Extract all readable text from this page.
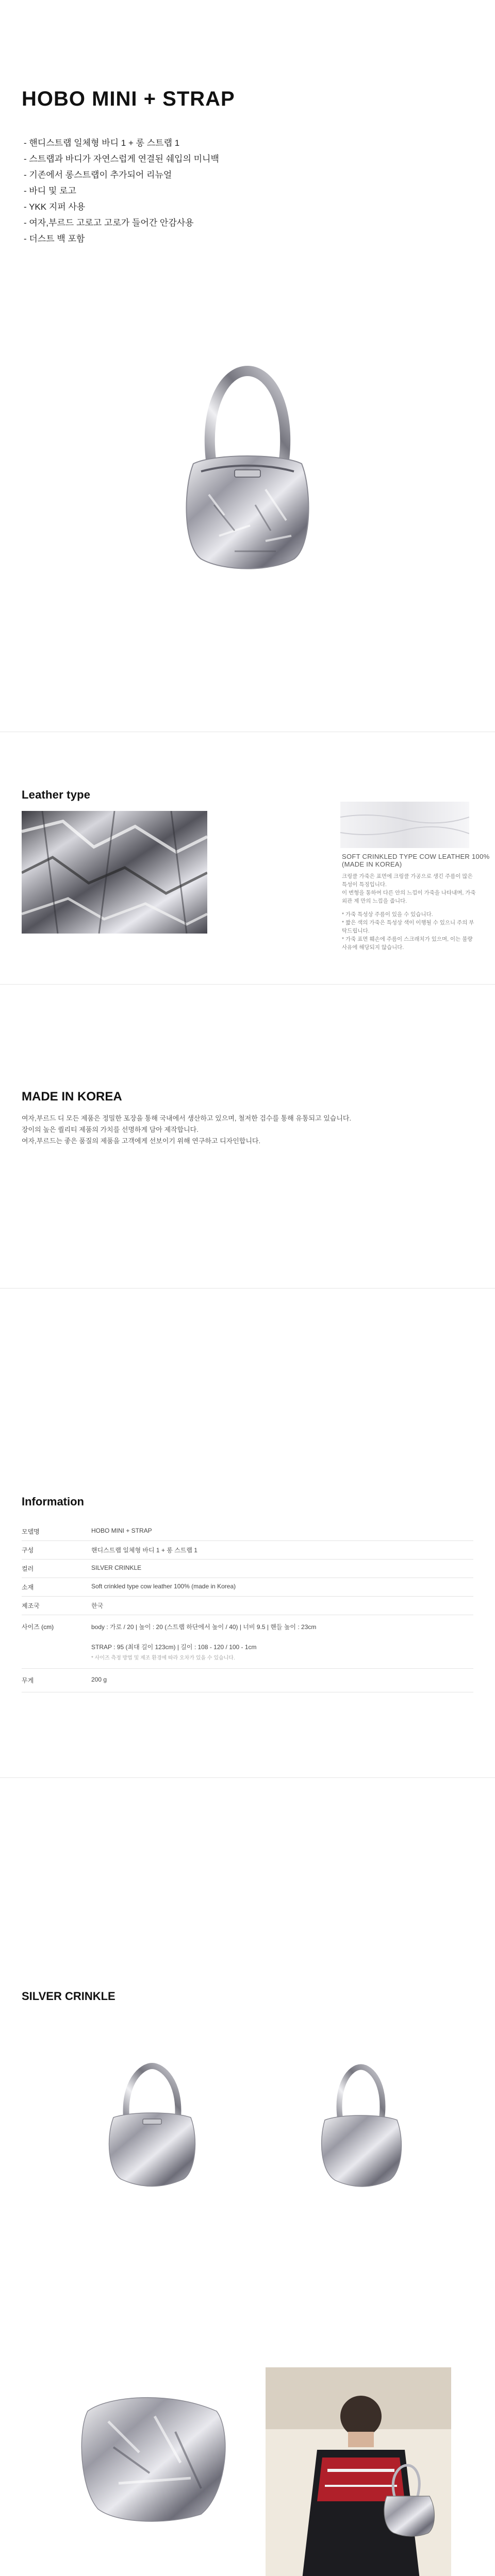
HOBO MINI + STRAP
- 핸디스트랩 일체형 바디 1 + 롱 스트랩 1
- 스트랩과 바디가 자연스럽게 연결된 쉐입의 미니백
- 기존에서 롱스트랩이 추가되어 리뉴얼
- 바디 및 로고
- YKK 지퍼 사용
- 여자,부르드 고로고 고로가 들어간 안감사용
- 더스트 백 포함
Leather type
SOFT CRINKLED TYPE COW LEATHER 100% (MADE IN KOREA)

크링클 가죽은 표면에 크링클 가공으로 생긴 주름이 많은 특성이 특징입니다.

이 변형을 통하여 다른 안의 느낌이 가죽을 나타내며, 가죽 외관 제 만의 느낌을 줍니다.

* 가죽 특성상 주름이 있을 수 있습니다.

* 짧은 색의 가죽은 특성상 색이 이행될 수 있으니 주의 부탁드립니다.

* 가죽 표면 훼손에 주름이 스크래치가 있으며, 이는 불량 사유에 해당되지 않습니다.

MADE IN KOREA

여자,부르드 디 모든 제품은 정밀한 포장을 통해 국내에서 생산하고 있으며, 철저한 검수를 통해 유통되고 있습니다.

장이의 높은 퀄리티 제품의 가치를 선명하게 담아 제작합니다.

여자,부르드는 좋은 품질의 제품을 고객에게 선보이기 위해 연구하고 디자인합니다.

Information
모델명	HOBO MINI + STRAP
구성	핸디스트랩 일체형 바디 1 + 롱 스트랩 1
컬러	SILVER CRINKLE
소재	Soft crinkled type cow leather 100% (made in Korea)
제조국	한국
사이즈 (cm)	body : 가로 / 20 | 높이 : 20 (스트랩 하단에서 높이 / 40) | 너비 9.5 | 핸들 높이 : 23cm
STRAP : 95 (최대 길이 123cm) | 길이 : 108 - 120 / 100 - 1cm
* 사이즈 측정 방법 및 제조 환경에 따라 오차가 있을 수 있습니다.

무게	200 g
SILVER CRINKLE
